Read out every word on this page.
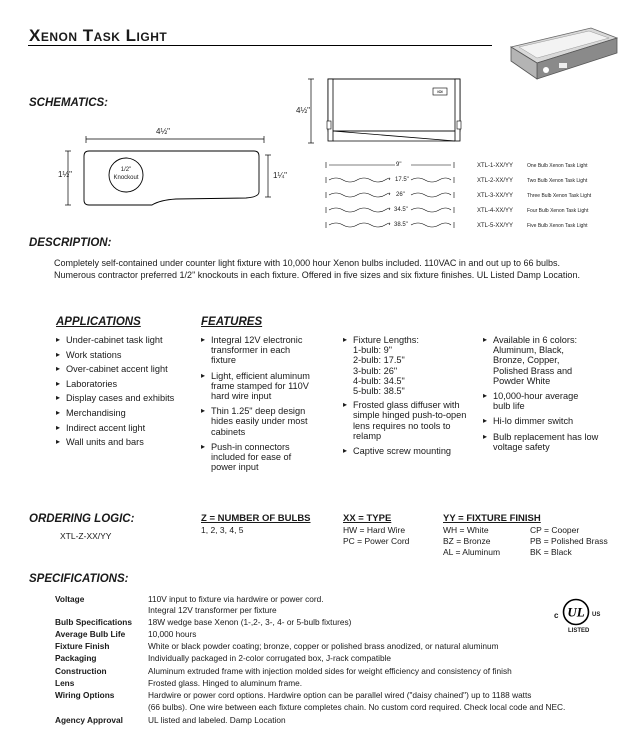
Xenon Task Light
SCHEMATICS:
4½"
1½"	1¼"
1/2"
Knockout
4½"
IOI
9"	XTL-1-XX/YY	One Bulb Xenon Task Light
17.5"	XTL-2-XX/YY	Two Bulb Xenon Task Light
26"	XTL-3-XX/YY	Three Bulb Xenon Task Light
34.5"	XTL-4-XX/YY	Four Bulb Xenon Task Light
38.5"	XTL-5-XX/YY	Five Bulb Xenon Task Light
DESCRIPTION:
Completely self-contained under counter light fixture with 10,000 hour Xenon bulbs included. 110VAC in and out up to 66 bulbs.
Numerous contractor preferred 1/2" knockouts in each fixture. Offered in five sizes and six fixture finishes. UL Listed Damp Location.
APPLICATIONS
▸ Under-cabinet task light
▸ Work stations
▸ Over-cabinet accent light
▸ Laboratories
▸ Display cases and exhibits
▸ Merchandising
▸ Indirect accent light
▸ Wall units and bars
FEATURES
▸ Integral 12V electronic transformer in each fixture
▸ Light, efficient aluminum frame stamped for 110V hard wire input
▸ Thin 1.25" deep design hides easily under most cabinets
▸ Push-in connectors included for ease of power input
▸ Fixture Lengths:
1-bulb: 9"
2-bulb: 17.5"
3-bulb: 26"
4-bulb: 34.5"
5-bulb: 38.5"
▸ Frosted glass diffuser with simple hinged push-to-open lens requires no tools to relamp
▸ Captive screw mounting
▸ Available in 6 colors: Aluminum, Black, Bronze, Copper, Polished Brass and Powder White
▸ 10,000-hour average bulb life
▸ Hi-lo dimmer switch
▸ Bulb replacement has low voltage safety
ORDERING LOGIC:
XTL-Z-XX/YY
Z = NUMBER OF BULBS
1, 2, 3, 4, 5
XX = TYPE
HW = Hard Wire
PC = Power Cord
YY = FIXTURE FINISH
WH = White
BZ = Bronze
AL = Aluminum
CP = Cooper
PB = Polished Brass
BK = Black
SPECIFICATIONS:
Voltage	110V input to fixture via hardwire or power cord.
Integral 12V transformer per fixture
Bulb Specifications	18W wedge base Xenon (1-,2-, 3-, 4- or 5-bulb fixtures)
Average Bulb Life	10,000 hours
Fixture Finish	White or black powder coating; bronze, copper or polished brass anodized, or natural aluminum
Packaging	Individually packaged in 2-color corrugated box, J-rack compatible
Construction	Aluminum extruded frame with injection molded sides for weight efficiency and consistency of finish
Lens	Frosted glass. Hinged to aluminum frame.
Wiring Options	Hardwire or power cord options. Hardwire option can be parallel wired ("daisy chained") up to 1188 watts
(66 bulbs). One wire between each fixture completes chain. No custom cord required. Check local code and NEC.
Agency Approval	UL listed and labeled. Damp Location
UL
c	US
LISTED
